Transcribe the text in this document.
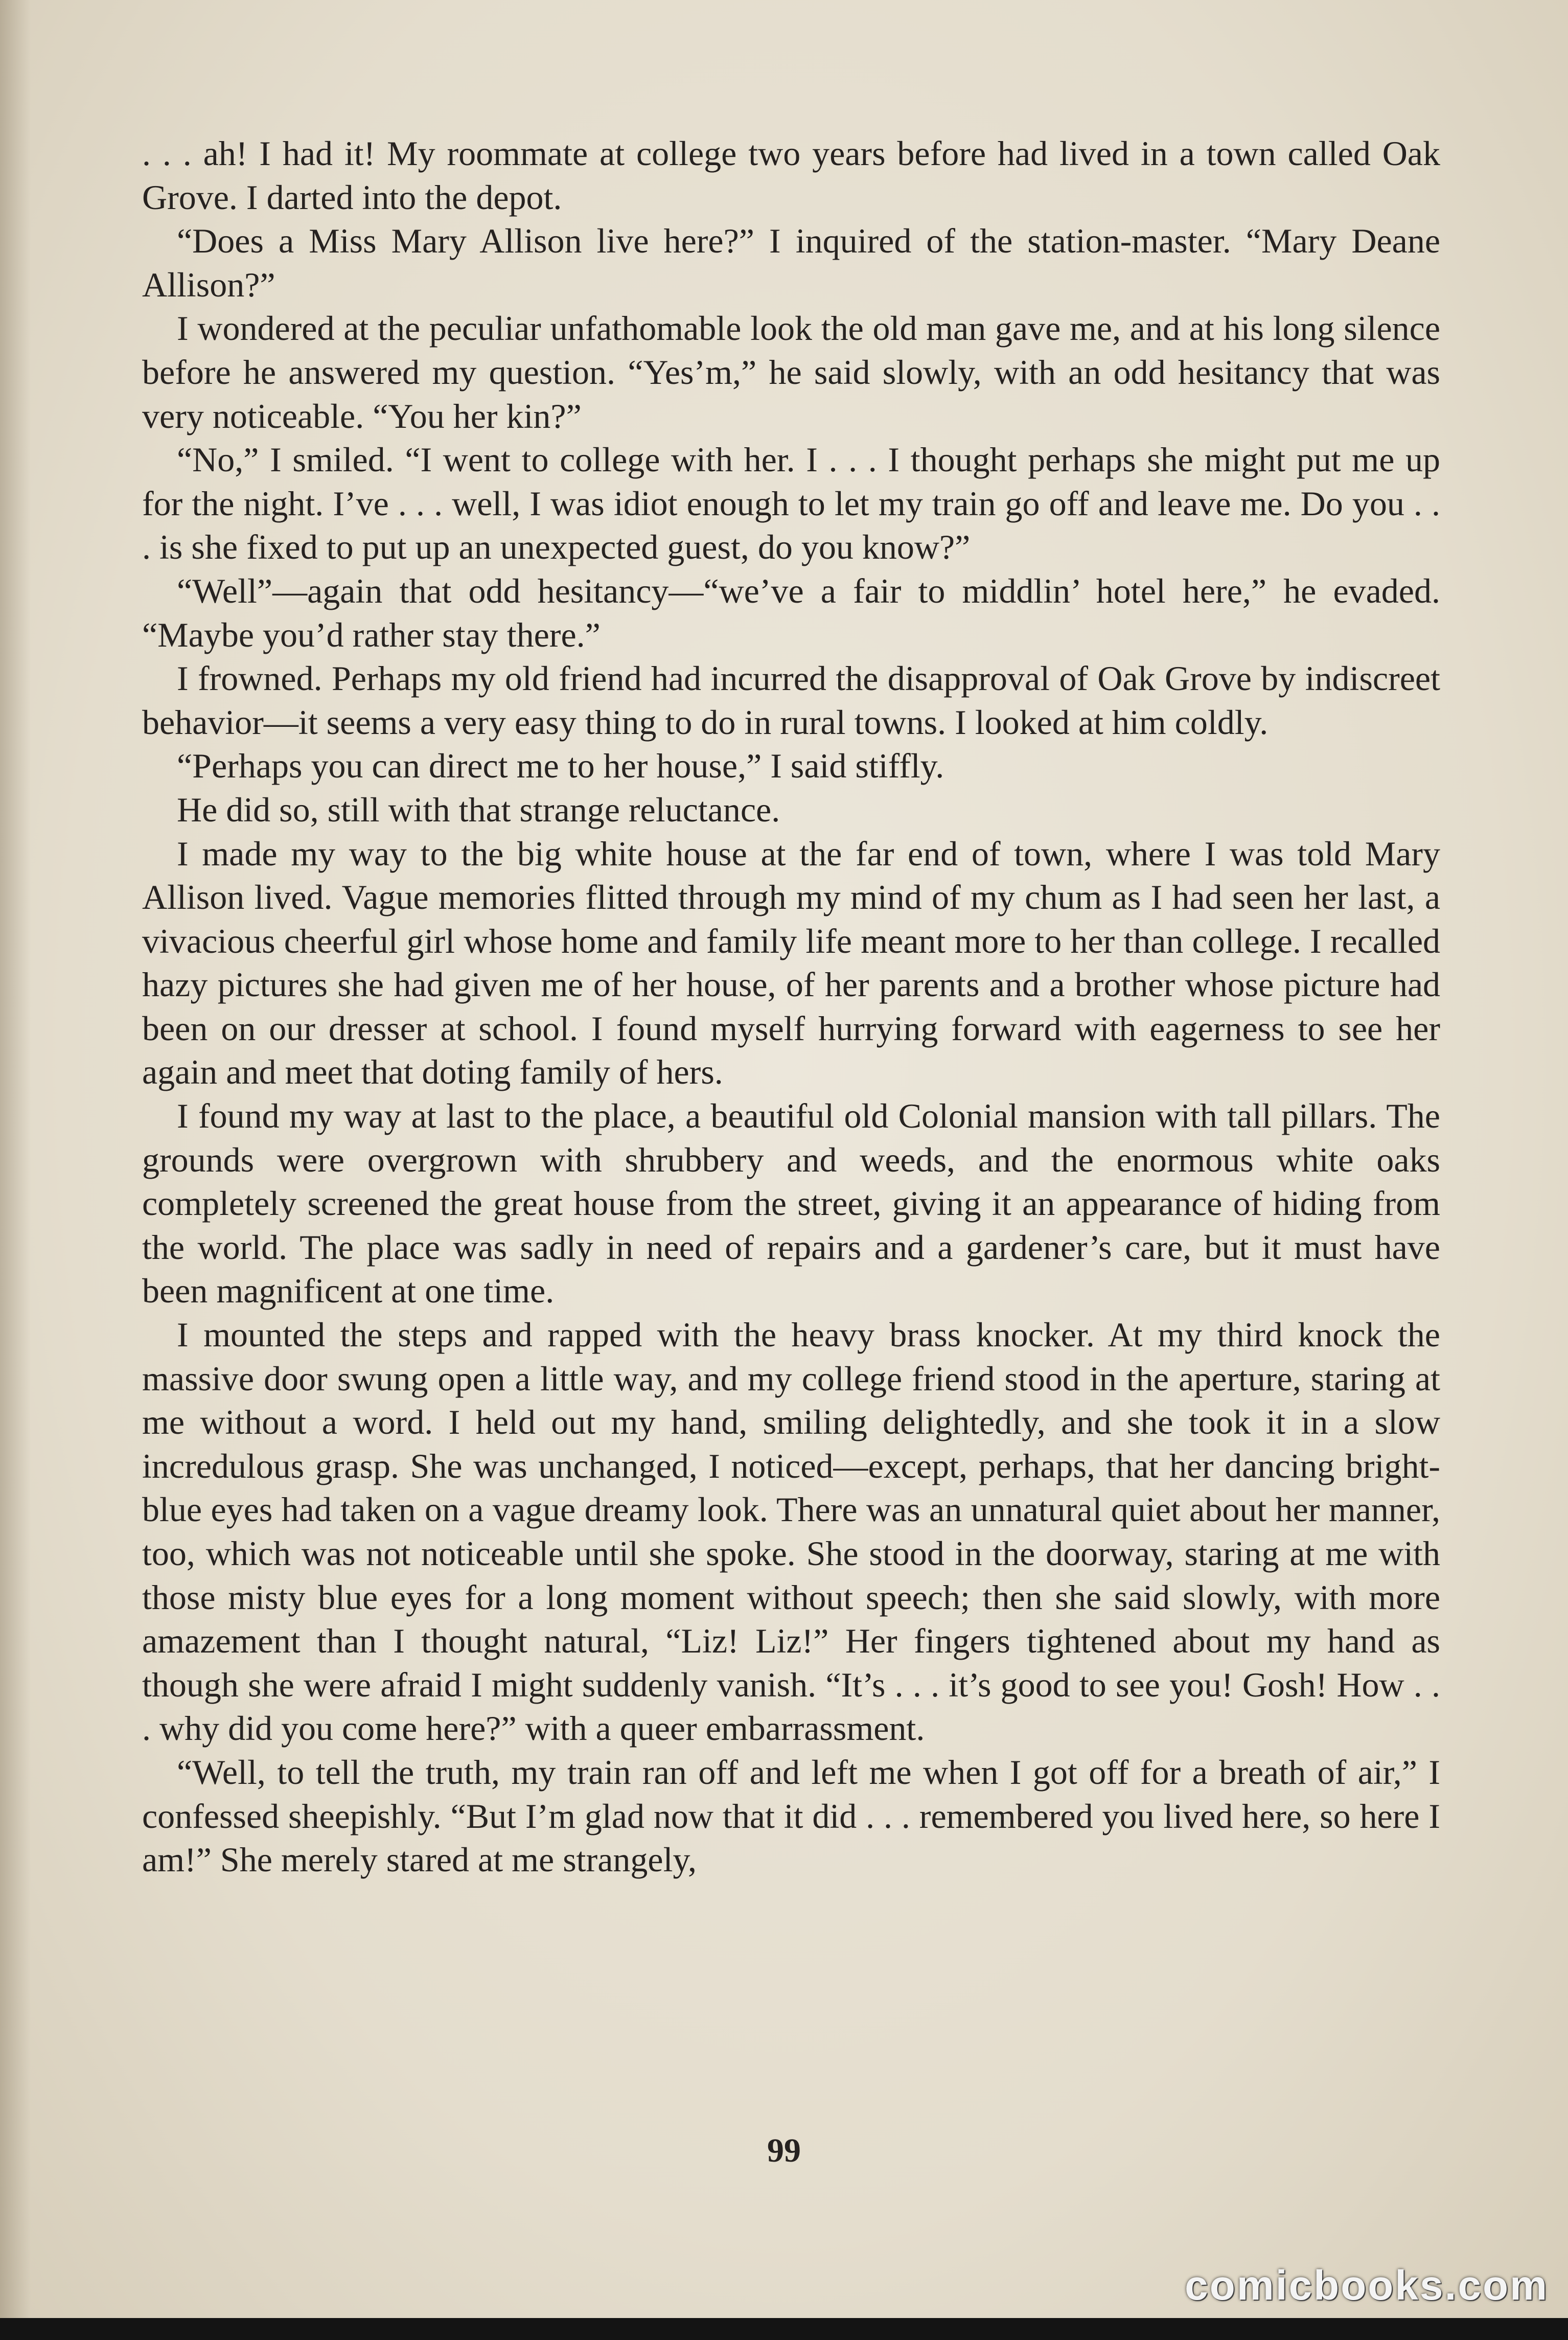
. . . ah! I had it! My roommate at college two years before had lived in a town called Oak Grove. I darted into the depot.

“Does a Miss Mary Allison live here?” I inquired of the station-master. “Mary Deane Allison?”

I wondered at the peculiar unfathomable look the old man gave me, and at his long silence before he answered my question. “Yes’m,” he said slowly, with an odd hesitancy that was very noticeable. “You her kin?”

“No,” I smiled. “I went to college with her. I . . . I thought perhaps she might put me up for the night. I’ve . . . well, I was idiot enough to let my train go off and leave me. Do you . . . is she fixed to put up an unexpected guest, do you know?”

“Well”—again that odd hesitancy—“we’ve a fair to middlin’ hotel here,” he evaded. “Maybe you’d rather stay there.”

I frowned. Perhaps my old friend had incurred the disapproval of Oak Grove by indiscreet behavior—it seems a very easy thing to do in rural towns. I looked at him coldly.

“Perhaps you can direct me to her house,” I said stiffly.

He did so, still with that strange reluctance.

I made my way to the big white house at the far end of town, where I was told Mary Allison lived. Vague memories flitted through my mind of my chum as I had seen her last, a vivacious cheerful girl whose home and family life meant more to her than college. I recalled hazy pictures she had given me of her house, of her parents and a brother whose picture had been on our dresser at school. I found myself hurrying forward with eagerness to see her again and meet that doting family of hers.

I found my way at last to the place, a beautiful old Colonial mansion with tall pillars. The grounds were overgrown with shrubbery and weeds, and the enormous white oaks completely screened the great house from the street, giving it an appearance of hiding from the world. The place was sadly in need of repairs and a gardener’s care, but it must have been magnificent at one time.

I mounted the steps and rapped with the heavy brass knocker. At my third knock the massive door swung open a little way, and my college friend stood in the aperture, staring at me without a word. I held out my hand, smiling delightedly, and she took it in a slow incredulous grasp. She was unchanged, I noticed—except, perhaps, that her dancing bright-blue eyes had taken on a vague dreamy look. There was an unnatural quiet about her manner, too, which was not noticeable until she spoke. She stood in the doorway, staring at me with those misty blue eyes for a long moment without speech; then she said slowly, with more amazement than I thought natural, “Liz! Liz!” Her fingers tightened about my hand as though she were afraid I might suddenly vanish. “It’s . . . it’s good to see you! Gosh! How . . . why did you come here?” with a queer embarrassment.

“Well, to tell the truth, my train ran off and left me when I got off for a breath of air,” I confessed sheepishly. “But I’m glad now that it did . . . remembered you lived here, so here I am!” She merely stared at me strangely,

99
comicbooks.com
